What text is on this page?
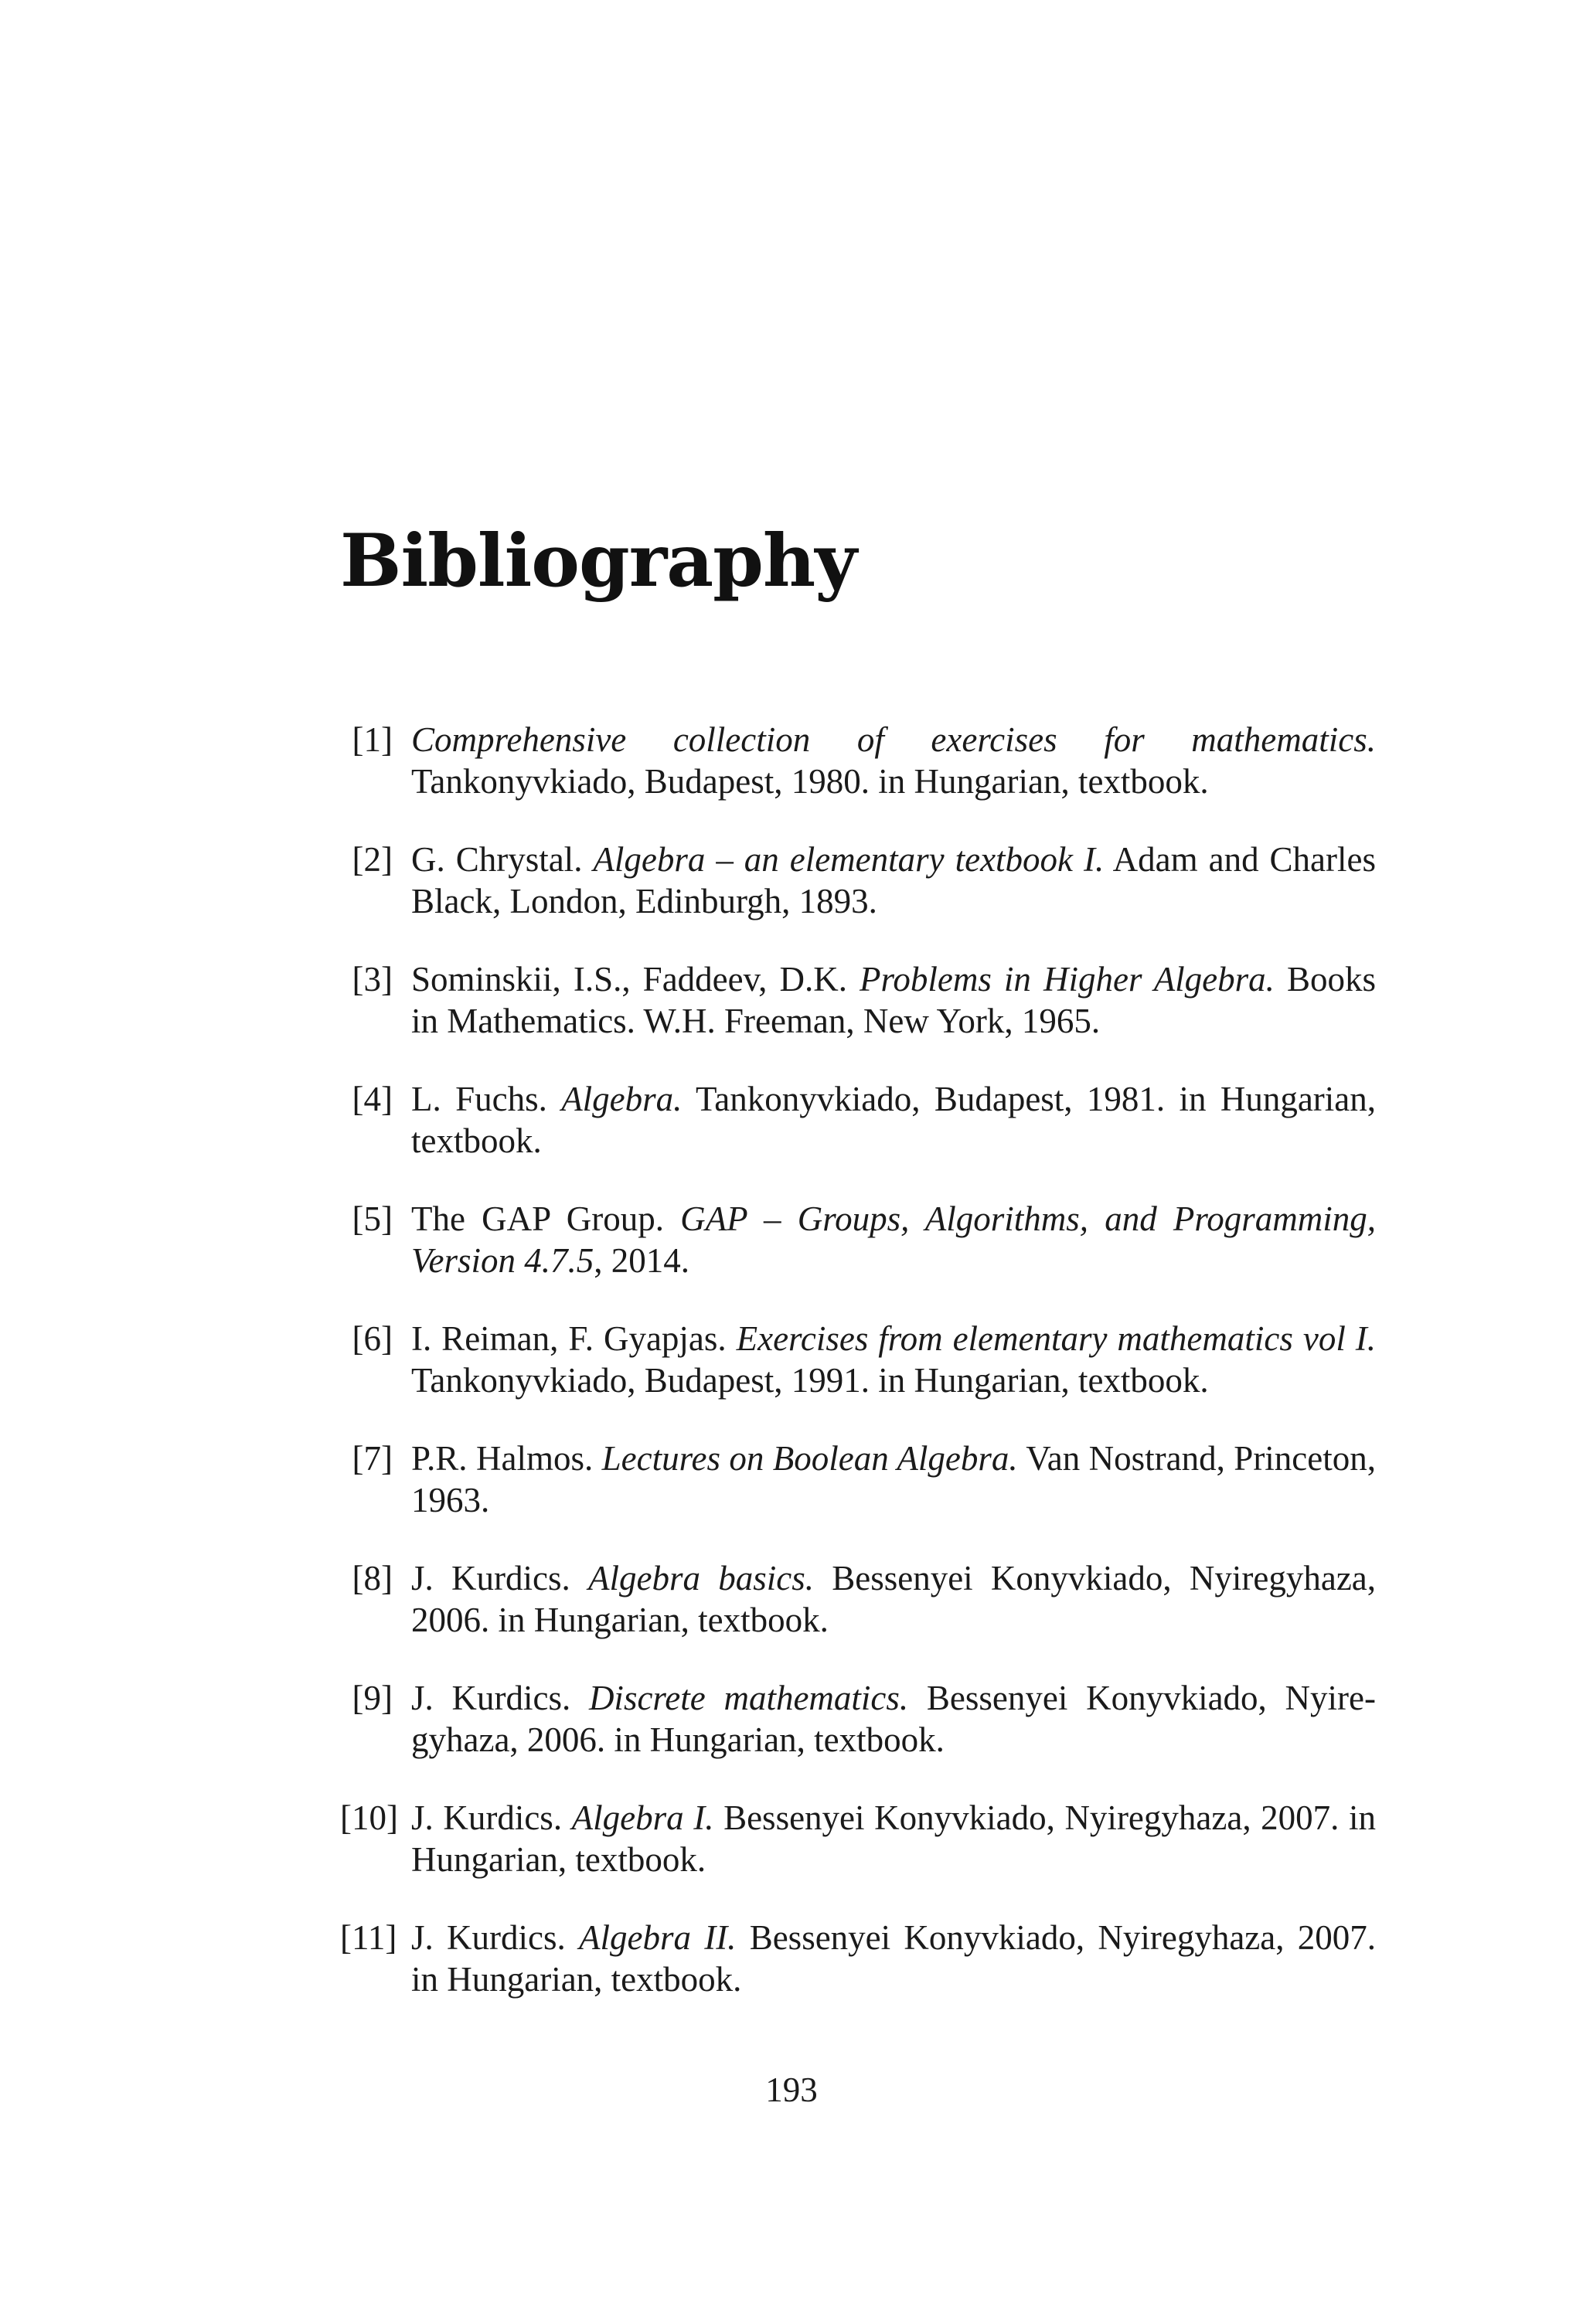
Bibliography
[1] Comprehensive collection of exercises for mathematics. Tankonyvkiado, Budapest, 1980. in Hungarian, textbook.
[2] G. Chrystal. Algebra – an elementary textbook I. Adam and Charles Black, London, Edinburgh, 1893.
[3] Sominskii, I.S., Faddeev, D.K. Problems in Higher Algebra. Books in Mathematics. W.H. Freeman, New York, 1965.
[4] L. Fuchs. Algebra. Tankonyvkiado, Budapest, 1981. in Hungarian, textbook.
[5] The GAP Group. GAP – Groups, Algorithms, and Programming, Version 4.7.5, 2014.
[6] I. Reiman, F. Gyapjas. Exercises from elementary mathematics vol I. Tankonyvkiado, Budapest, 1991. in Hungarian, textbook.
[7] P.R. Halmos. Lectures on Boolean Algebra. Van Nostrand, Princeton, 1963.
[8] J. Kurdics. Algebra basics. Bessenyei Konyvkiado, Nyiregyhaza, 2006. in Hungarian, textbook.
[9] J. Kurdics. Discrete mathematics. Bessenyei Konyvkiado, Nyiregyhaza, 2006. in Hungarian, textbook.
[10] J. Kurdics. Algebra I. Bessenyei Konyvkiado, Nyiregyhaza, 2007. in Hungarian, textbook.
[11] J. Kurdics. Algebra II. Bessenyei Konyvkiado, Nyiregyhaza, 2007. in Hungarian, textbook.
193
